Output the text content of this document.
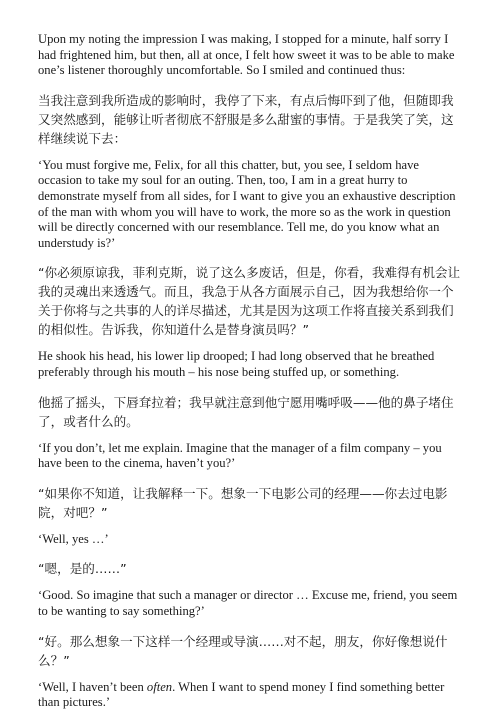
Upon my noting the impression I was making, I stopped for a minute, half sorry I had frightened him, but then, all at once, I felt how sweet it was to be able to make one’s listener thoroughly uncomfortable. So I smiled and continued thus:

当我注意到我所造成的影响时，我停了下来，有点后悔吓到了他，但随即我又突然感到，能够让听者彻底不舒服是多么甜蜜的事情。于是我笑了笑，这样继续说下去：

‘You must forgive me, Felix, for all this chatter, but, you see, I seldom have occasion to take my soul for an outing. Then, too, I am in a great hurry to demonstrate myself from all sides, for I want to give you an exhaustive description of the man with whom you will have to work, the more so as the work in question will be directly concerned with our resemblance. Tell me, do you know what an understudy is?’

“你必须原谅我，菲利克斯，说了这么多废话，但是，你看，我难得有机会让我的灵魂出来透透气。而且，我急于从各方面展示自己，因为我想给你一个关于你将与之共事的人的详尽描述，尤其是因为这项工作将直接关系到我们的相似性。告诉我，你知道什么是替身演员吗？”

He shook his head, his lower lip drooped; I had long observed that he breathed preferably through his mouth – his nose being stuffed up, or something.

他摇了摇头，下唇耷拉着；我早就注意到他宁愿用嘴呼吸——他的鼻子堵住了，或者什么的。

‘If you don’t, let me explain. Imagine that the manager of a film company – you have been to the cinema, haven’t you?’

“如果你不知道，让我解释一下。想象一下电影公司的经理——你去过电影院，对吧？”

‘Well, yes …’

“嗯，是的……”

‘Good. So imagine that such a manager or director … Excuse me, friend, you seem to be wanting to say something?’

“好。那么想象一下这样一个经理或导演……对不起，朋友，你好像想说什么？”

‘Well, I haven’t been often. When I want to spend money I find something better than pictures.’
